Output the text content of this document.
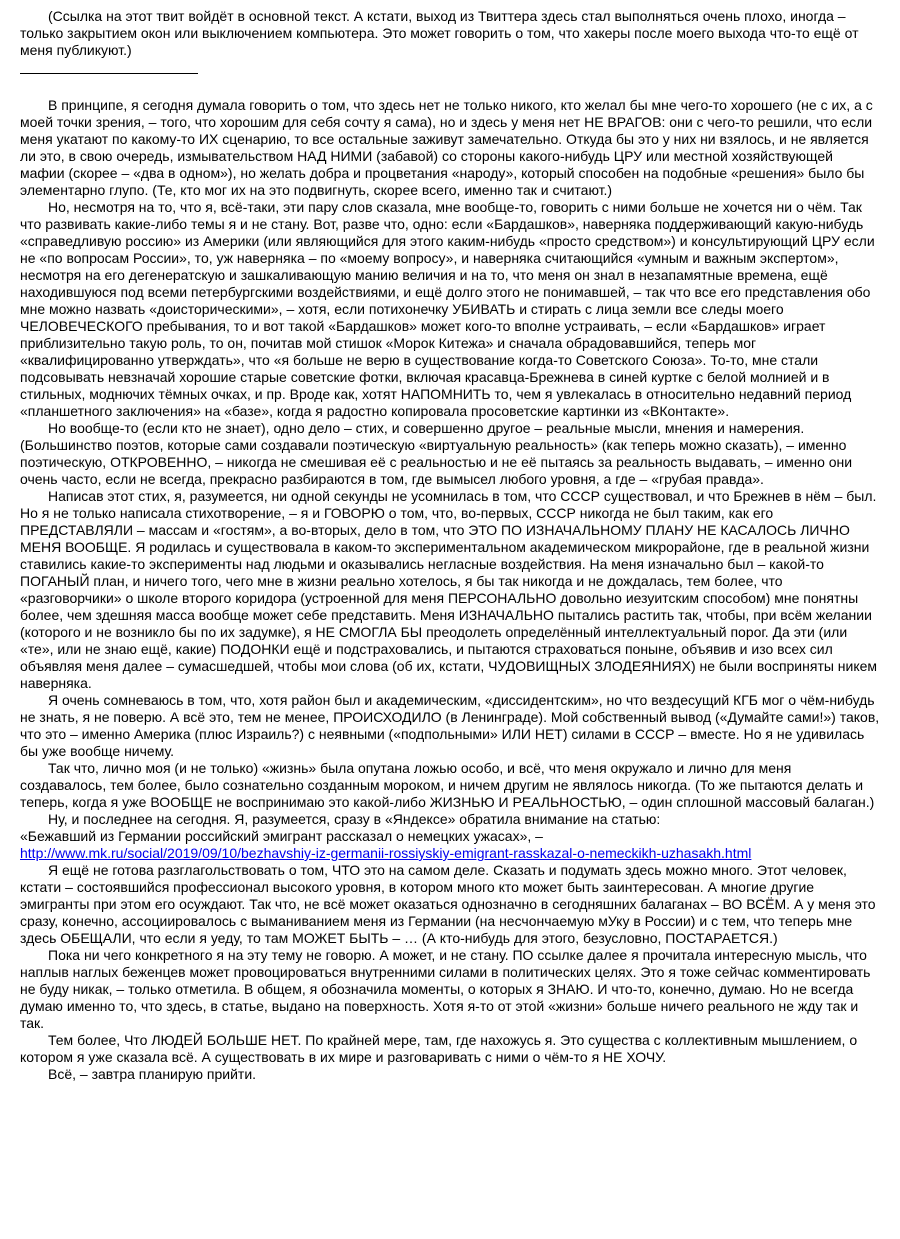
(Ссылка на этот твит войдёт в основной текст. А кстати, выход из Твиттера здесь стал выполняться очень плохо, иногда – только закрытием окон или выключением компьютера. Это может говорить о том, что хакеры после моего выхода что-то ещё от меня публикуют.)

В принципе, я сегодня думала говорить о том, что здесь нет не только никого, кто желал бы мне чего-то хорошего (не с их, а с моей точки зрения, – того, что хорошим для себя сочту я сама), но и здесь у меня нет НЕ ВРАГОВ: они с чего-то решили, что если меня укатают по какому-то ИХ сценарию, то все остальные заживут замечательно. Откуда бы это у них ни взялось, и не является ли это, в свою очередь, измывательством НАД НИМИ (забавой) со стороны какого-нибудь ЦРУ или местной хозяйствующей мафии (скорее – «два в одном»), но желать добра и процветания «народу», который способен на подобные «решения» было бы элементарно глупо. (Те, кто мог их на это подвигнуть, скорее всего, именно так и считают.)

Но, несмотря на то, что я, всё-таки, эти пару слов сказала, мне вообще-то, говорить с ними больше не хочется ни о чём. Так что развивать какие-либо темы я и не стану. Вот, разве что, одно: если «Бардашков», наверняка поддерживающий какую-нибудь «справедливую россию» из Америки (или являющийся для этого каким-нибудь «просто средством») и консультирующий ЦРУ если не «по вопросам России», то, уж наверняка – по «моему вопросу», и наверняка считающийся «умным и важным экспертом», несмотря на его дегенератскую и зашкаливающую манию величия и на то, что меня он знал в незапамятные времена, ещё находившуюся под всеми петербургскими воздействиями, и ещё долго этого не понимавшей, – так что все его представления обо мне можно назвать «доисторическими», – хотя, если потихонечку УБИВАТЬ и стирать с лица земли все следы моего ЧЕЛОВЕЧЕСКОГО пребывания, то и вот такой «Бардашков» может кого-то вполне устраивать, – если «Бардашков» играет приблизительно такую роль, то он, почитав мой стишок «Морок Китежа» и сначала обрадовавшийся, теперь мог «квалифицированно утверждать», что «я больше не верю в существование когда-то Советского Союза». То-то, мне стали подсовывать невзначай хорошие старые советские фотки, включая красавца-Брежнева в синей куртке с белой молнией и в стильных, моднючих тёмных очках, и пр. Вроде как, хотят НАПОМНИТЬ то, чем я увлекалась в относительно недавний период «планшетного заключения» на «базе», когда я радостно копировала просоветские картинки из «ВКонтакте».

Но вообще-то (если кто не знает), одно дело – стих, и совершенно другое – реальные мысли, мнения и намерения. (Большинство поэтов, которые сами создавали поэтическую «виртуальную реальность» (как теперь можно сказать), – именно поэтическую, ОТКРОВЕННО, – никогда не смешивая её с реальностью и не её пытаясь за реальность выдавать, – именно они очень часто, если не всегда, прекрасно разбираются в том, где вымысел любого уровня, а где – «грубая правда».

Написав этот стих, я, разумеется, ни одной секунды не усомнилась в том, что СССР существовал, и что Брежнев в нём – был. Но я не только написала стихотворение, – я и ГОВОРЮ о том, что, во-первых, СССР никогда не был таким, как его ПРЕДСТАВЛЯЛИ – массам и «гостям», а во-вторых, дело в том, что ЭТО ПО ИЗНАЧАЛЬНОМУ ПЛАНУ НЕ КАСАЛОСЬ ЛИЧНО МЕНЯ ВООБЩЕ. Я родилась и существовала в каком-то экспериментальном академическом микрорайоне, где в реальной жизни ставились какие-то эксперименты над людьми и оказывались негласные воздействия. На меня изначально был – какой-то ПОГАНЫЙ план, и ничего того, чего мне в жизни реально хотелось, я бы так никогда и не дождалась, тем более, что «разговорчики» о школе второго коридора (устроенной для меня ПЕРСОНАЛЬНО довольно иезуитским способом) мне понятны более, чем здешняя масса вообще может себе представить. Меня ИЗНАЧАЛЬНО пытались растить так, чтобы, при всём желании (которого и не возникло бы по их задумке), я НЕ СМОГЛА БЫ преодолеть определённый интеллектуальный порог. Да эти (или «те», или не знаю ещё, какие) ПОДОНКИ ещё и подстраховались, и пытаются страховаться поныне, объявив и изо всех сил объявляя меня далее – сумасшедшей, чтобы мои слова (об их, кстати, ЧУДОВИЩНЫХ ЗЛОДЕЯНИЯХ) не были восприняты никем наверняка.

Я очень сомневаюсь в том, что, хотя район был и академическим, «диссидентским», но что вездесущий КГБ мог о чём-нибудь не знать, я не поверю. А всё это, тем не менее, ПРОИСХОДИЛО (в Ленинграде). Мой собственный вывод («Думайте сами!») таков, что это – именно Америка (плюс Израиль?) с неявными («подпольными» ИЛИ НЕТ) силами в СССР – вместе. Но я не удивилась бы уже вообще ничему.

Так что, лично моя (и не только) «жизнь» была опутана ложью особо, и всё, что меня окружало и лично для меня создавалось, тем более, было сознательно созданным мороком, и ничем другим не являлось никогда. (То же пытаются делать и теперь, когда я уже ВООБЩЕ не воспринимаю это какой-либо ЖИЗНЬЮ И РЕАЛЬНОСТЬЮ, – один сплошной массовый балаган.)

Ну, и последнее на сегодня. Я, разумеется, сразу в «Яндексе» обратила внимание на статью:

«Бежавший из Германии российский эмигрант рассказал о немецких ужасах», –

http://www.mk.ru/social/2019/09/10/bezhavshiy-iz-germanii-rossiyskiy-emigrant-rasskazal-o-nemeckikh-uzhasakh.html

Я ещё не готова разглагольствовать о том, ЧТО это на самом деле. Сказать и подумать здесь можно много. Этот человек, кстати – состоявшийся профессионал высокого уровня, в котором много кто может быть заинтересован. А многие другие эмигранты при этом его осуждают. Так что, не всё может оказаться однозначно в сегодняшних балаганах – ВО ВСЁМ. А у меня это сразу, конечно, ассоциировалось с выманиванием меня из Германии (на несчончаемую мУку в России) и с тем, что теперь мне здесь ОБЕЩАЛИ, что если я уеду, то там МОЖЕТ БЫТЬ – … (А кто-нибудь для этого, безусловно, ПОСТАРАЕТСЯ.)

Пока ни чего конкретного я на эту тему не говорю. А может, и не стану. ПО ссылке далее я прочитала интересную мысль, что наплыв наглых беженцев может провоцироваться внутренними силами в политических целях. Это я тоже сейчас комментировать не буду никак, – только отметила. В общем, я обозначила моменты, о которых я ЗНАЮ. И что-то, конечно, думаю. Но не всегда думаю именно то, что здесь, в статье, выдано на поверхность. Хотя я-то от этой «жизни» больше ничего реального не жду так и так.

Тем более, Что ЛЮДЕЙ БОЛЬШЕ НЕТ. По крайней мере, там, где нахожусь я. Это существа с коллективным мышлением, о котором я уже сказала всё. А существовать в их мире и разговаривать с ними о чём-то я НЕ ХОЧУ.

Всё, – завтра планирую прийти.
